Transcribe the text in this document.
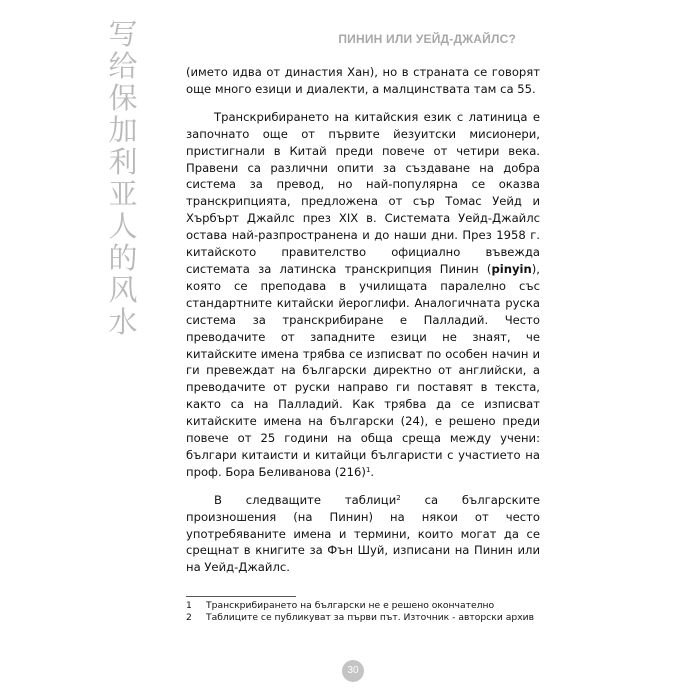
写给保加利亚人的风水
ПИНИН ИЛИ УЕЙД-ДЖАЙЛС?

(името идва от династия Хан), но в страната се говорят още много езици и диалекти, а малцинствата там са 55.

Транскрибирането на китайския език с латиница е започнато още от първите йезуитски мисионери, пристигнали в Китай преди повече от четири века. Правени са различни опити за създаване на добра система за превод, но най-популярна се оказва транскрипцията, предложена от сър Томас Уейд и Хърбърт Джайлс през XIX в. Системата Уейд-Джайлс остава най-разпространена и до наши дни. През 1958 г. китайското правителство официално въвежда системата за латинска транскрипция Пинин (pinyin), която се преподава в училищата паралелно със стандартните китайски йероглифи. Аналогичната руска система за транскрибиране е Палладий. Често преводачите от западните езици не знаят, че китайските имена трябва се изписват по особен начин и ги превеждат на български директно от английски, а преводачите от руски направо ги поставят в текста, както са на Палладий. Как трябва да се изписват китайските имена на български (24), е решено преди повече от 25 години на обща среща между учени: българи китаисти и китайци българисти с участието на проф. Бора Беливанова $(216)^1$.

В следващите таблици$^2$ са българските произношения (на Пинин) на някои от често употребяваните имена и термини, които могат да се срещнат в книгите за Фън Шуй, изписани на Пинин или на Уейд-Джайлс.

1	Транскрибирането на български не е решено окончателно
2	Таблиците се публикуват за първи път. Източник - авторски архив
30
